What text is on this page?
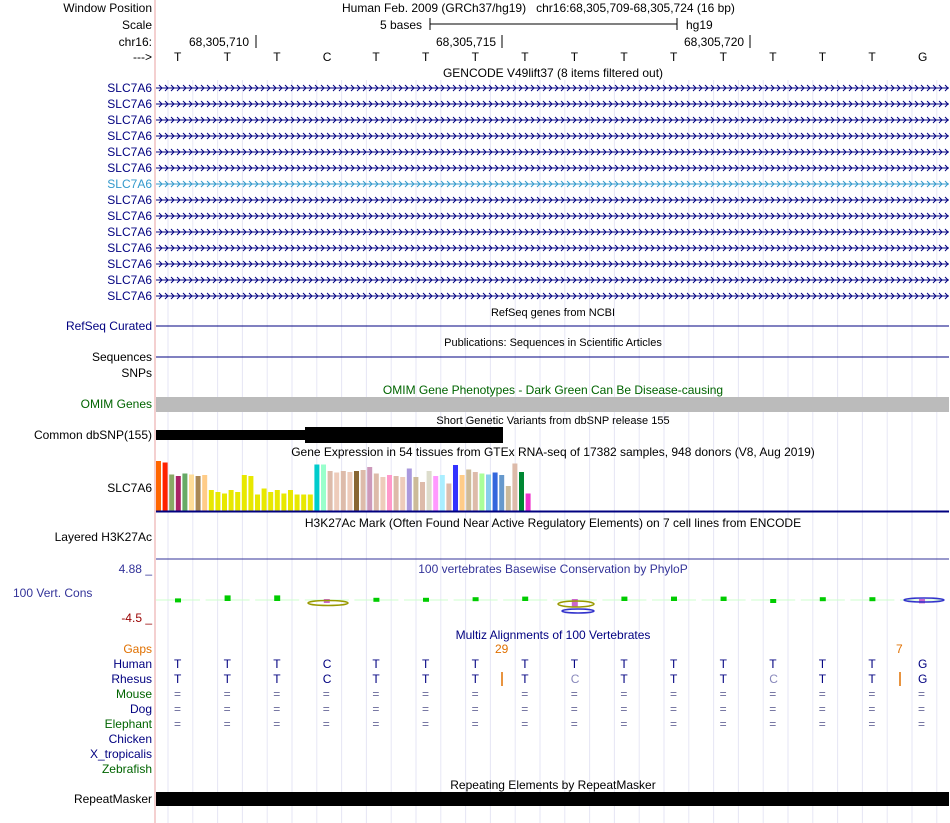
Window Position	Human Feb. 2009 (GRCh37/hg19)   chr16:68,305,709-68,305,724 (16 bp)
Scale	5 bases	hg19
chr16:	68,305,710	68,305,715	68,305,720
---> T	T	T	C	T	T	T	T	T	T	T	T	T	T	T	G
GENCODE V49lift37 (8 items filtered out)
SLC7A6
SLC7A6
SLC7A6
SLC7A6
SLC7A6
SLC7A6
SLC7A6
SLC7A6
SLC7A6
SLC7A6
SLC7A6
SLC7A6
SLC7A6
SLC7A6
RefSeq genes from NCBI
RefSeq Curated
Publications: Sequences in Scientific Articles
Sequences
SNPs
OMIM Gene Phenotypes - Dark Green Can Be Disease-causing
OMIM Genes
Short Genetic Variants from dbSNP release 155
Common dbSNP(155)
Gene Expression in 54 tissues from GTEx RNA-seq of 17382 samples, 948 donors (V8, Aug 2019)
SLC7A6
H3K27Ac Mark (Often Found Near Active Regulatory Elements) on 7 cell lines from ENCODE
Layered H3K27Ac
100 vertebrates Basewise Conservation by PhyloP
4.88 _
100 Vert. Cons
-4.5 _
Multiz Alignments of 100 Vertebrates
Gaps	29	7
Human T	T	T	C	T	T	T	T	T	T	T	T	T	T	T	G
Rhesus T	T	T	C	T	T	T	T	C	T	T	T	C	T	T	G
Mouse =	=	=	=	=	=	=	=	=	=	=	=	=	=	=	=
Dog =	=	=	=	=	=	=	=	=	=	=	=	=	=	=	=
Elephant =	=	=	=	=	=	=	=	=	=	=	=	=	=	=	=
Chicken
X_tropicalis
Zebrafish
Repeating Elements by RepeatMasker
RepeatMasker
